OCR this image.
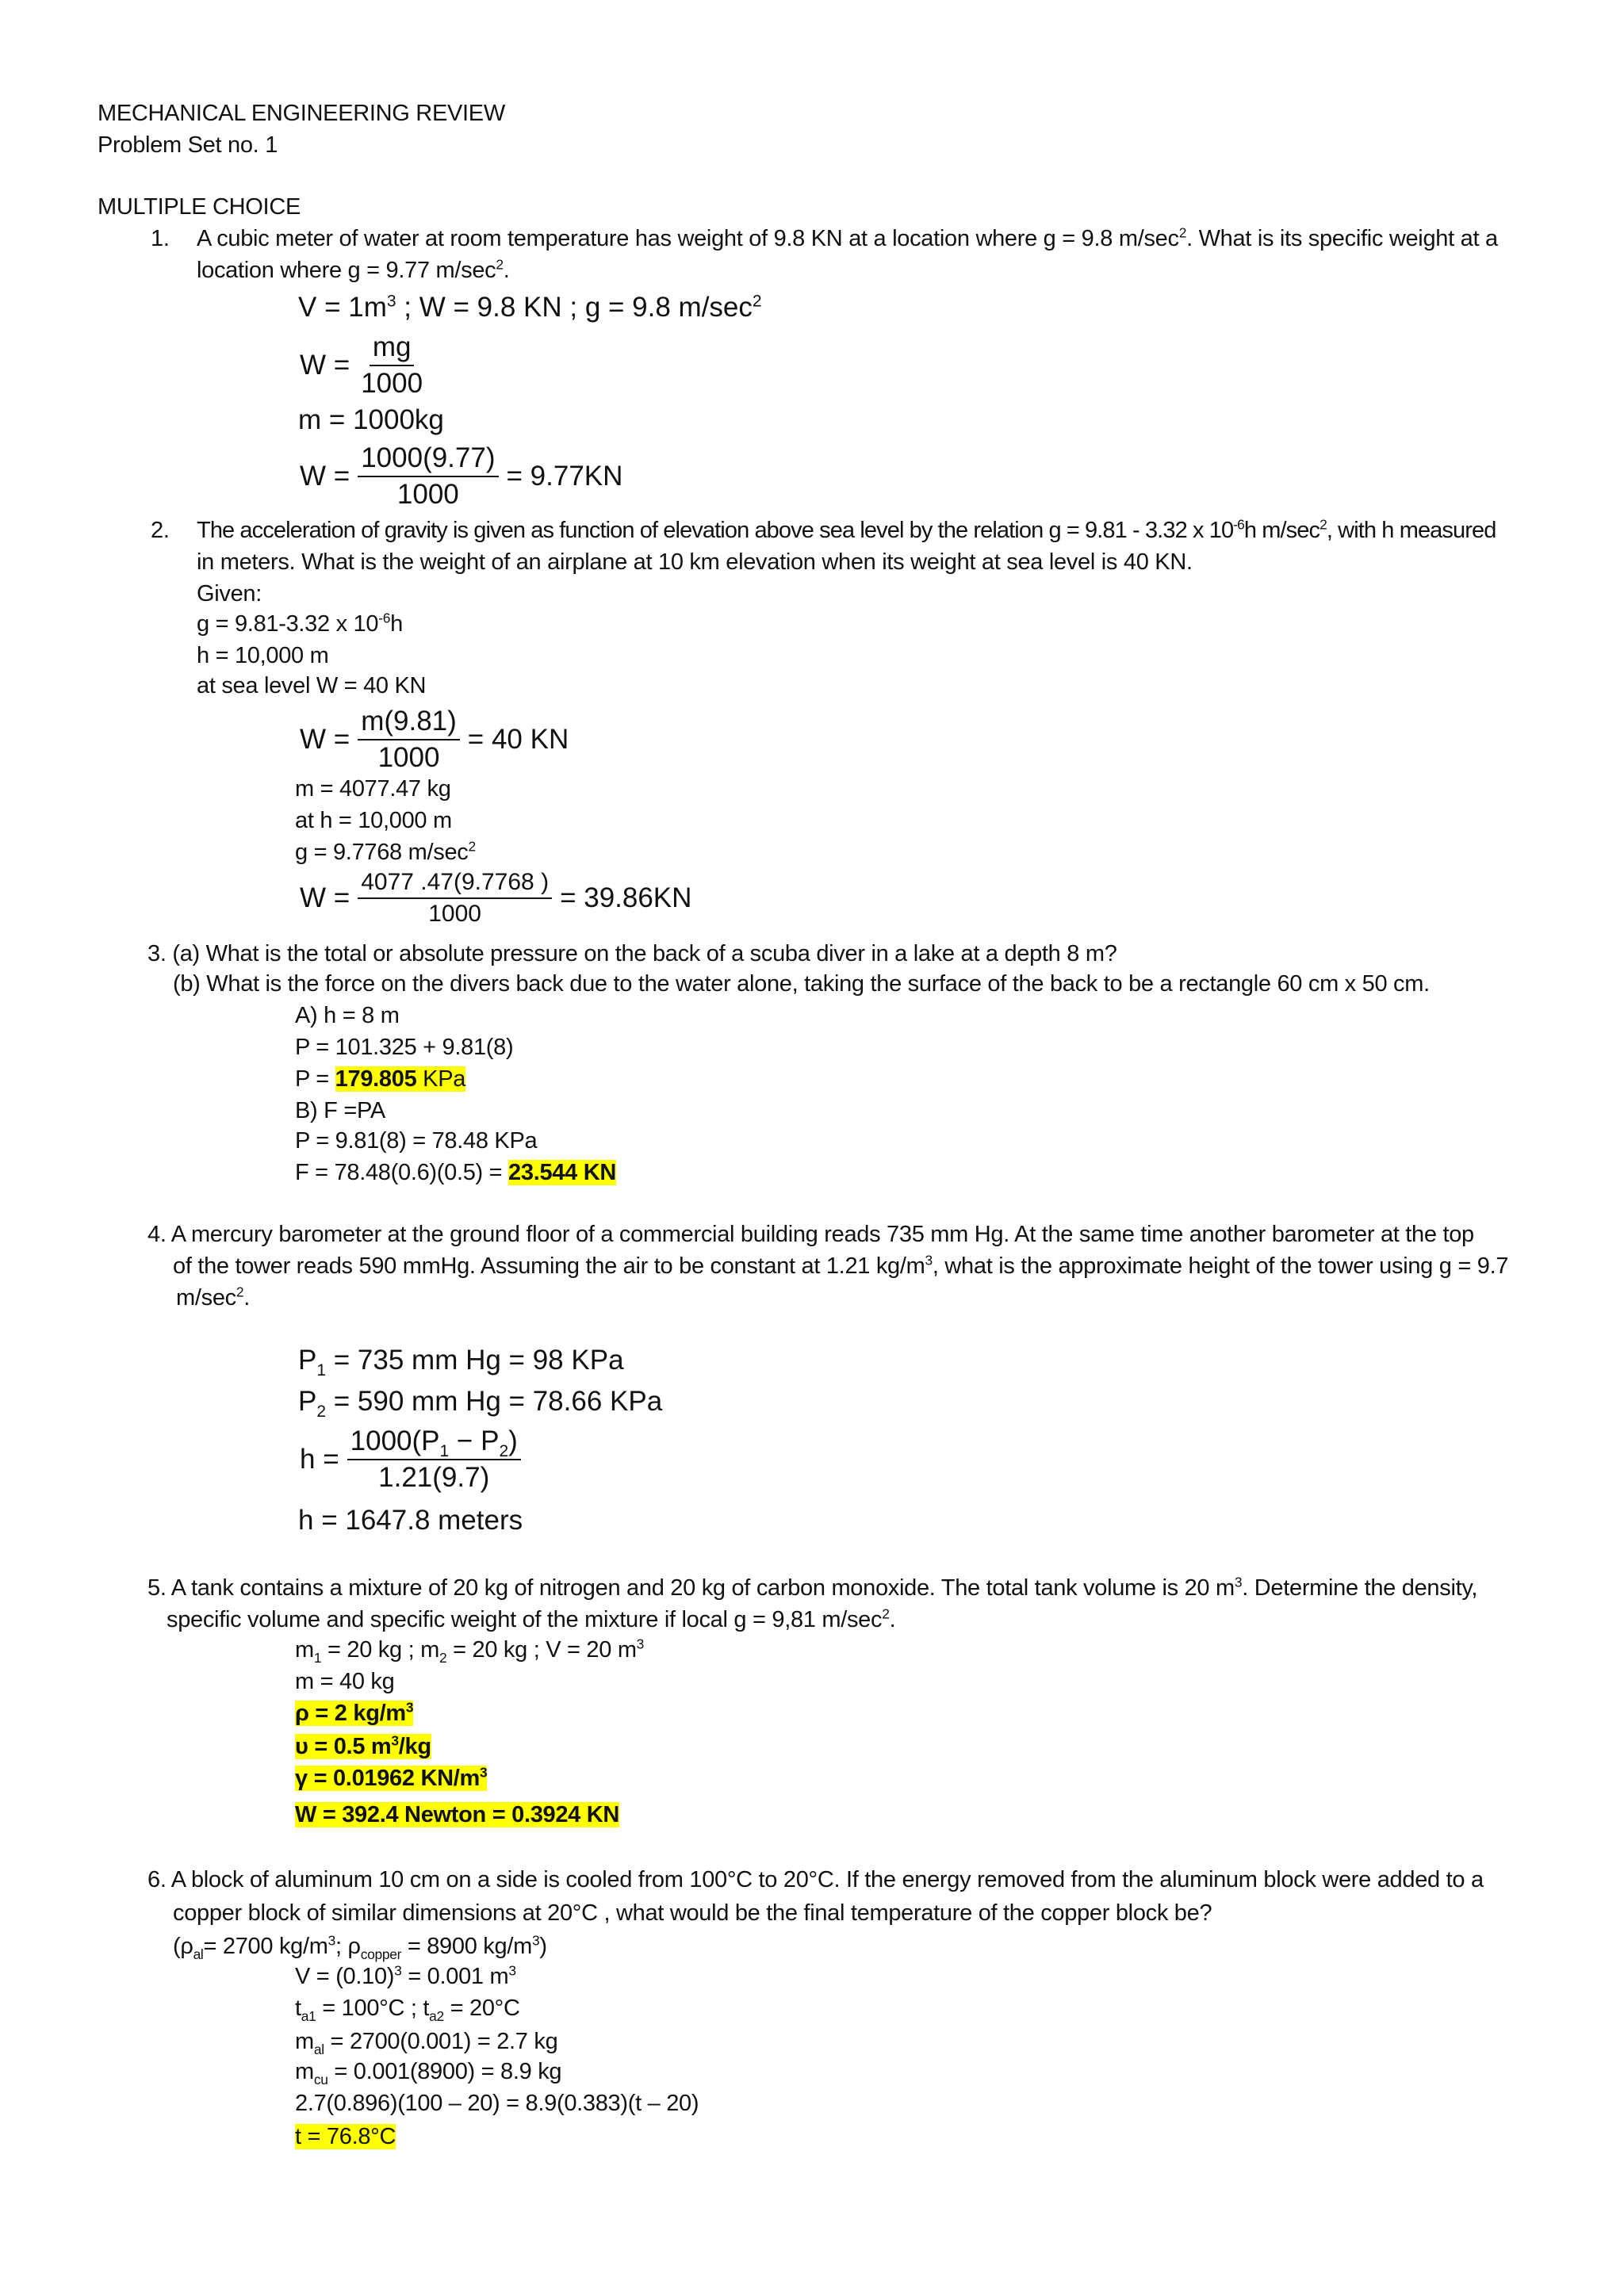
MECHANICAL ENGINEERING REVIEW
Problem Set no. 1
MULTIPLE CHOICE
1. A cubic meter of water at room temperature has weight of 9.8 KN at a location where g = 9.8 $m/\sec^2$. What is its specific weight at a
location where g = 9.77 $m/\sec^2$.
$V = 1m^3$ ; W = 9.8 KN ; g = 9.8 $m/\sec^2$
$W = \frac{mg}{1000}$
m = 1000kg
$W = \frac{1000(9.77)}{1000} = 9.77KN$
2. The acceleration of gravity is given as function of elevation above sea level by the relation g = 9.81 - 3.32 x $10^{-6}h$ $m/\sec^2$, with h measured
in meters. What is the weight of an airplane at 10 km elevation when its weight at sea level is 40 KN.
Given:
g = 9.81-3.32 x $10^{-6}h$
h = 10,000 m
at sea level W = 40 KN
$W = \frac{m(9.81)}{1000} = 40$ KN
m = 4077.47 kg
at h = 10,000 m
g = 9.7768 $m/\sec^2$
$W = \frac{4077 .47(9.7768 )}{1000} = 39.86KN$
3. (a) What is the total or absolute pressure on the back of a scuba diver in a lake at a depth 8 m?
(b) What is the force on the divers back due to the water alone, taking the surface of the back to be a rectangle 60 cm x 50 cm.
A) h = 8 m
P = 101.325 + 9.81(8)
P = 179.805 KPa
B) F =PA
P = 9.81(8) = 78.48 KPa
F = 78.48(0.6)(0.5) = 23.544 KN
4. A mercury barometer at the ground floor of a commercial building reads 735 mm Hg. At the same time another barometer at the top
of the tower reads 590 mmHg. Assuming the air to be constant at 1.21 $kg/m^3$, what is the approximate height of the tower using g = 9.7
$m/\sec^2$.
$P_1 = 735$ mm Hg = 98 KPa
$P_2 = 590$ mm Hg = 78.66 KPa
$h = \frac{1000(P_1 - P_2)}{1.21(9.7)}$
h = 1647.8 meters
5. A tank contains a mixture of 20 kg of nitrogen and 20 kg of carbon monoxide. The total tank volume is 20 $m^3$. Determine the density,
specific volume and specific weight of the mixture if local g = 9,81 $m/\sec^2$.
$m_1 = 20$ kg ; $m_2 = 20$ kg ; V = 20 $m^3$
m = 40 kg
ρ = 2 $kg/m^3$
υ = 0.5 $m^3/kg$
γ = 0.01962 $KN/m^3$
W = 392.4 Newton = 0.3924 KN
6. A block of aluminum 10 cm on a side is cooled from 100°C to 20°C. If the energy removed from the aluminum block were added to a
copper block of similar dimensions at 20°C , what would be the final temperature of the copper block be?
($\rho_{al}= 2700$ $kg/m^3$; $\rho_{copper} = 8900$ $kg/m^3$)
$V = (0.10)^3 = 0.001$ $m^3$
$t_{a1} = 100^\circ C$ ; $t_{a2} = 20^\circ C$
$m_{al} = 2700(0.001) = 2.7$ kg
$m_{cu} = 0.001(8900) = 8.9$ kg
2.7(0.896)(100 – 20) = 8.9(0.383)(t – 20)
t = 76.8°C
